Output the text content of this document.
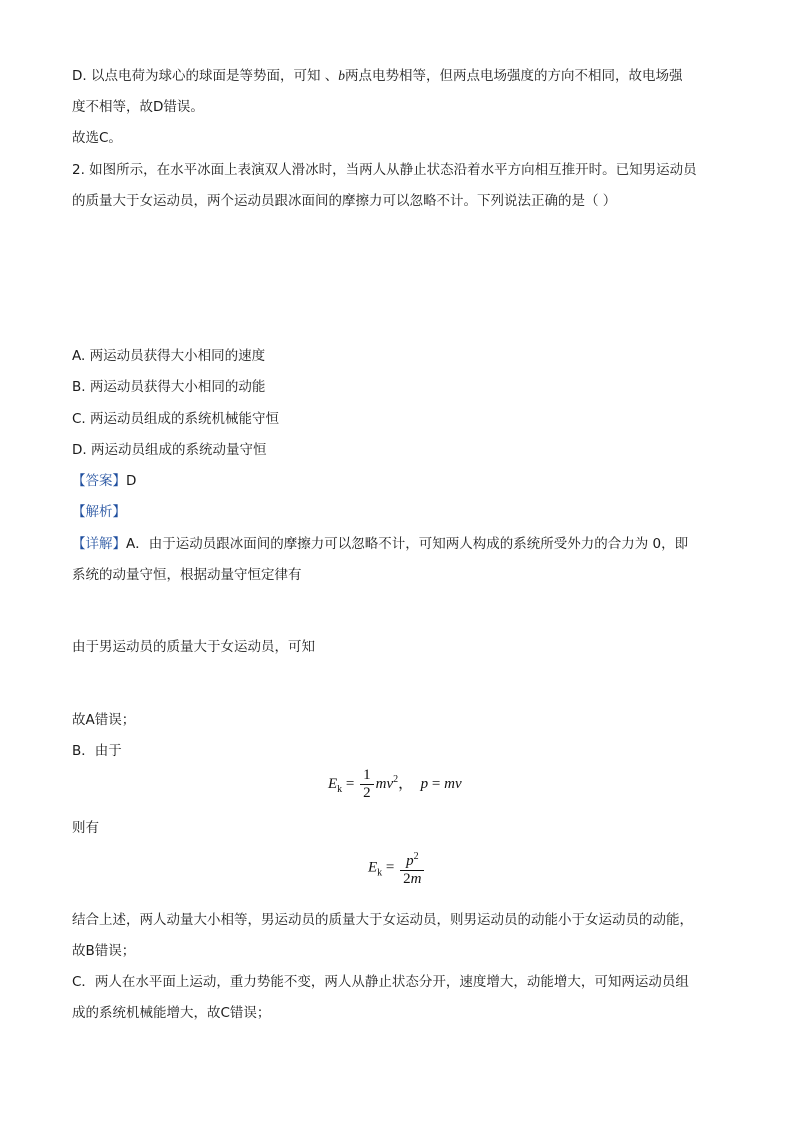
D. 以点电荷为球心的球面是等势面，可知 、b两点电势相等，但两点电场强度的方向不相同，故电场强
度不相等，故D错误。
故选C。
2. 如图所示，在水平冰面上表演双人滑冰时，当两人从静止状态沿着水平方向相互推开时。已知男运动员
的质量大于女运动员，两个运动员跟冰面间的摩擦力可以忽略不计。下列说法正确的是（ ）
A. 两运动员获得大小相同的速度
B. 两运动员获得大小相同的动能
C. 两运动员组成的系统机械能守恒
D. 两运动员组成的系统动量守恒
【答案】D
【解析】
【详解】A．由于运动员跟冰面间的摩擦力可以忽略不计，可知两人构成的系统所受外力的合力为 0，即
系统的动量守恒，根据动量守恒定律有
由于男运动员的质量大于女运动员，可知
故A错误；
B．由于
$E_k = \frac{1}{2} mv^2$， p = mv
则有
$E_k = \frac{p^2}{2m}$
结合上述，两人动量大小相等，男运动员的质量大于女运动员，则男运动员的动能小于女运动员的动能，
故B错误；
C．两人在水平面上运动，重力势能不变，两人从静止状态分开，速度增大，动能增大，可知两运动员组
成的系统机械能增大，故C错误；
